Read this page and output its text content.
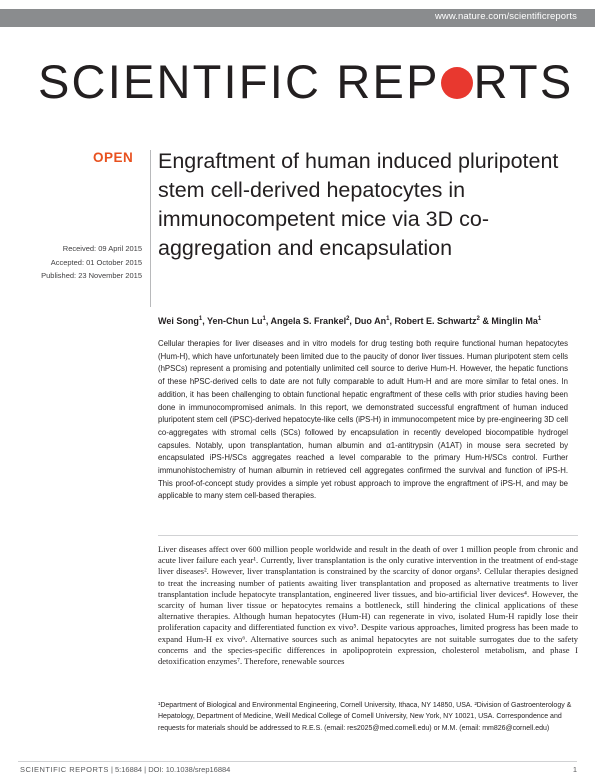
www.nature.com/scientificreports
SCIENTIFIC REP RTS
OPEN Engraftment of human induced pluripotent stem cell-derived hepatocytes in immunocompetent mice via 3D co-aggregation and encapsulation
Received: 09 April 2015
Accepted: 01 October 2015
Published: 23 November 2015
Wei Song$^1$, Yen-Chun Lu$^1$, Angela S. Frankel$^2$, Duo An$^1$, Robert E. Schwartz$^2$ & Minglin Ma$^1$
Cellular therapies for liver diseases and in vitro models for drug testing both require functional human hepatocytes (Hum-H), which have unfortunately been limited due to the paucity of donor liver tissues. Human pluripotent stem cells (hPSCs) represent a promising and potentially unlimited cell source to derive Hum-H. However, the hepatic functions of these hPSC-derived cells to date are not fully comparable to adult Hum-H and are more similar to fetal ones. In addition, it has been challenging to obtain functional hepatic engraftment of these cells with prior studies having been done in immunocompromised animals. In this report, we demonstrated successful engraftment of human induced pluripotent stem cell (iPSC)-derived hepatocyte-like cells (iPS-H) in immunocompetent mice by pre-engineering 3D cell co-aggregates with stromal cells (SCs) followed by encapsulation in recently developed biocompatible hydrogel capsules. Notably, upon transplantation, human albumin and α1-antitrypsin (A1AT) in mouse sera secreted by encapsulated iPS-H/SCs aggregates reached a level comparable to the primary Hum-H/SCs control. Further immunohistochemistry of human albumin in retrieved cell aggregates confirmed the survival and function of iPS-H. This proof-of-concept study provides a simple yet robust approach to improve the engraftment of iPS-H, and may be applicable to many stem cell-based therapies.
Liver diseases affect over 600 million people worldwide and result in the death of over 1 million people from chronic and acute liver failure each year¹. Currently, liver transplantation is the only curative intervention in the treatment of end-stage liver diseases². However, liver transplantation is constrained by the scarcity of donor organs³. Cellular therapies designed to treat the increasing number of patients awaiting liver transplantation and proposed as alternative treatments to liver transplantation include hepatocyte transplantation, engineered liver tissues, and bio-artificial liver devices⁴. However, the scarcity of human liver tissue or hepatocytes remains a bottleneck, still hindering the clinical applications of these alternative therapies. Although human hepatocytes (Hum-H) can regenerate in vivo, isolated Hum-H rapidly lose their proliferation capacity and differentiated function ex vivo⁵. Despite various approaches, limited progress has been made to expand Hum-H ex vivo⁶. Alternative sources such as animal hepatocytes are not suitable surrogates due to the safety concerns and the species-specific differences in apolipoprotein expression, cholesterol metabolism, and phase I detoxification enzymes⁷. Therefore, renewable sources
¹Department of Biological and Environmental Engineering, Cornell University, Ithaca, NY 14850, USA. ²Division of Gastroenterology & Hepatology, Department of Medicine, Weill Medical College of Cornell University, New York, NY 10021, USA. Correspondence and requests for materials should be addressed to R.E.S. (email: res2025@med.cornell.edu) or M.M. (email: mm826@cornell.edu)
SCIENTIFIC REPORTS | 5:16884 | DOI: 10.1038/srep16884	1
